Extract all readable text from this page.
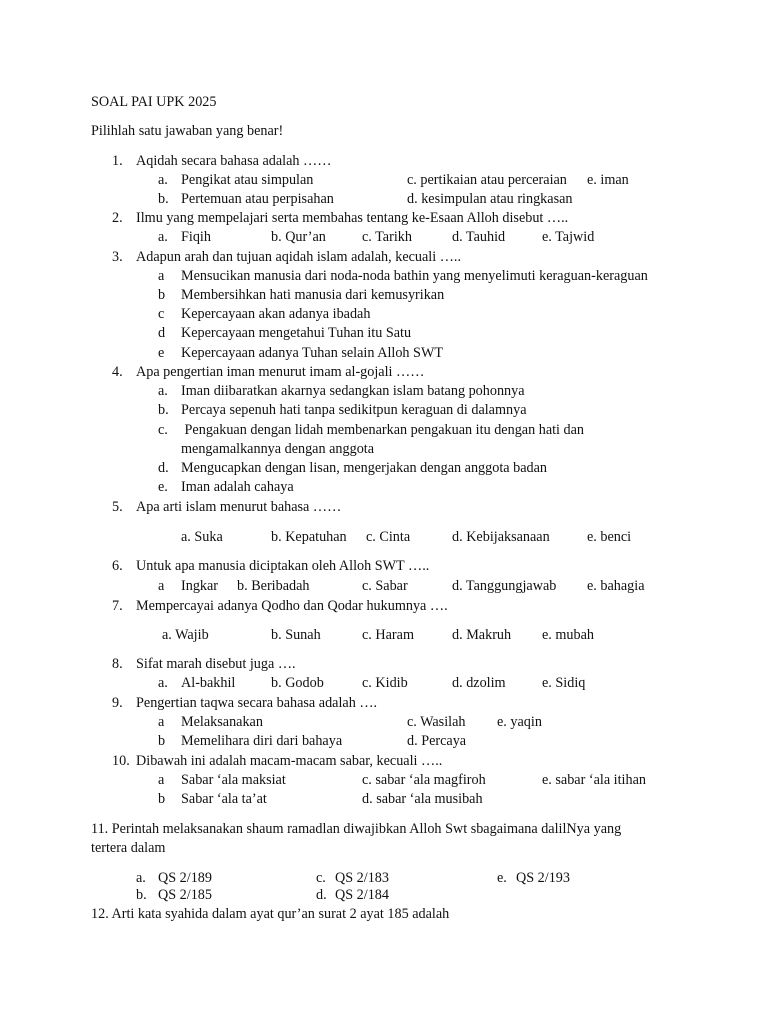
SOAL PAI UPK 2025
Pilihlah satu jawaban yang benar!
1. Aqidah secara bahasa adalah ……
a. Pengikat atau simpulan	c. pertikaian atau perceraian e. iman
b. Pertemuan atau perpisahan	d. kesimpulan atau ringkasan
2. Ilmu yang mempelajari serta membahas tentang ke-Esaan Alloh disebut …..
a. Fiqih	b. Qur’an	c. Tarikh	d. Tauhid	e. Tajwid
3. Adapun arah dan tujuan aqidah islam adalah, kecuali …..
a Mensucikan manusia dari noda-noda bathin yang menyelimuti keraguan-keraguan
b Membersihkan hati manusia dari kemusyrikan
c Kepercayaan akan adanya ibadah
d Kepercayaan mengetahui Tuhan itu Satu
e Kepercayaan adanya Tuhan selain Alloh SWT
4. Apa pengertian iman menurut imam al-gojali ……
a. Iman diibaratkan akarnya sedangkan islam batang pohonnya
b. Percaya sepenuh hati tanpa sedikitpun keraguan di dalamnya
c. Pengakuan dengan lidah membenarkan pengakuan itu dengan hati dan
mengamalkannya dengan anggota
d. Mengucapkan dengan lisan, mengerjakan dengan anggota badan
e. Iman adalah cahaya
5. Apa arti islam menurut bahasa ……
a. Suka	b. Kepatuhan c. Cinta	d. Kebijaksanaan	e. benci
6. Untuk apa manusia diciptakan oleh Alloh SWT …..
a Ingkar b. Beribadah	c. Sabar	d. Tanggungjawab e. bahagia
7. Mempercayai adanya Qodho dan Qodar hukumnya ….
a. Wajib	b. Sunah	c. Haram	d. Makruh e. mubah
8. Sifat marah disebut juga ….
a. Al-bakhil	b. Godob	c. Kidib	d. dzolim	e. Sidiq
9. Pengertian taqwa secara bahasa adalah ….
a Melaksanakan	c. Wasilah e. yaqin
b Memelihara diri dari bahaya	d. Percaya
10. Dibawah ini adalah macam-macam sabar, kecuali …..
a Sabar ‘ala maksiat	c. sabar ‘ala magfiroh	e. sabar ‘ala itihan
b Sabar ‘ala ta’at	d. sabar ‘ala musibah
11. Perintah melaksanakan shaum ramadlan diwajibkan Alloh Swt sbagaimana dalilNya yang
tertera dalam
a. QS 2/189	c. QS 2/183	e. QS 2/193
b. QS 2/185	d. QS 2/184
12. Arti kata syahida dalam ayat qur’an surat 2 ayat 185 adalah
